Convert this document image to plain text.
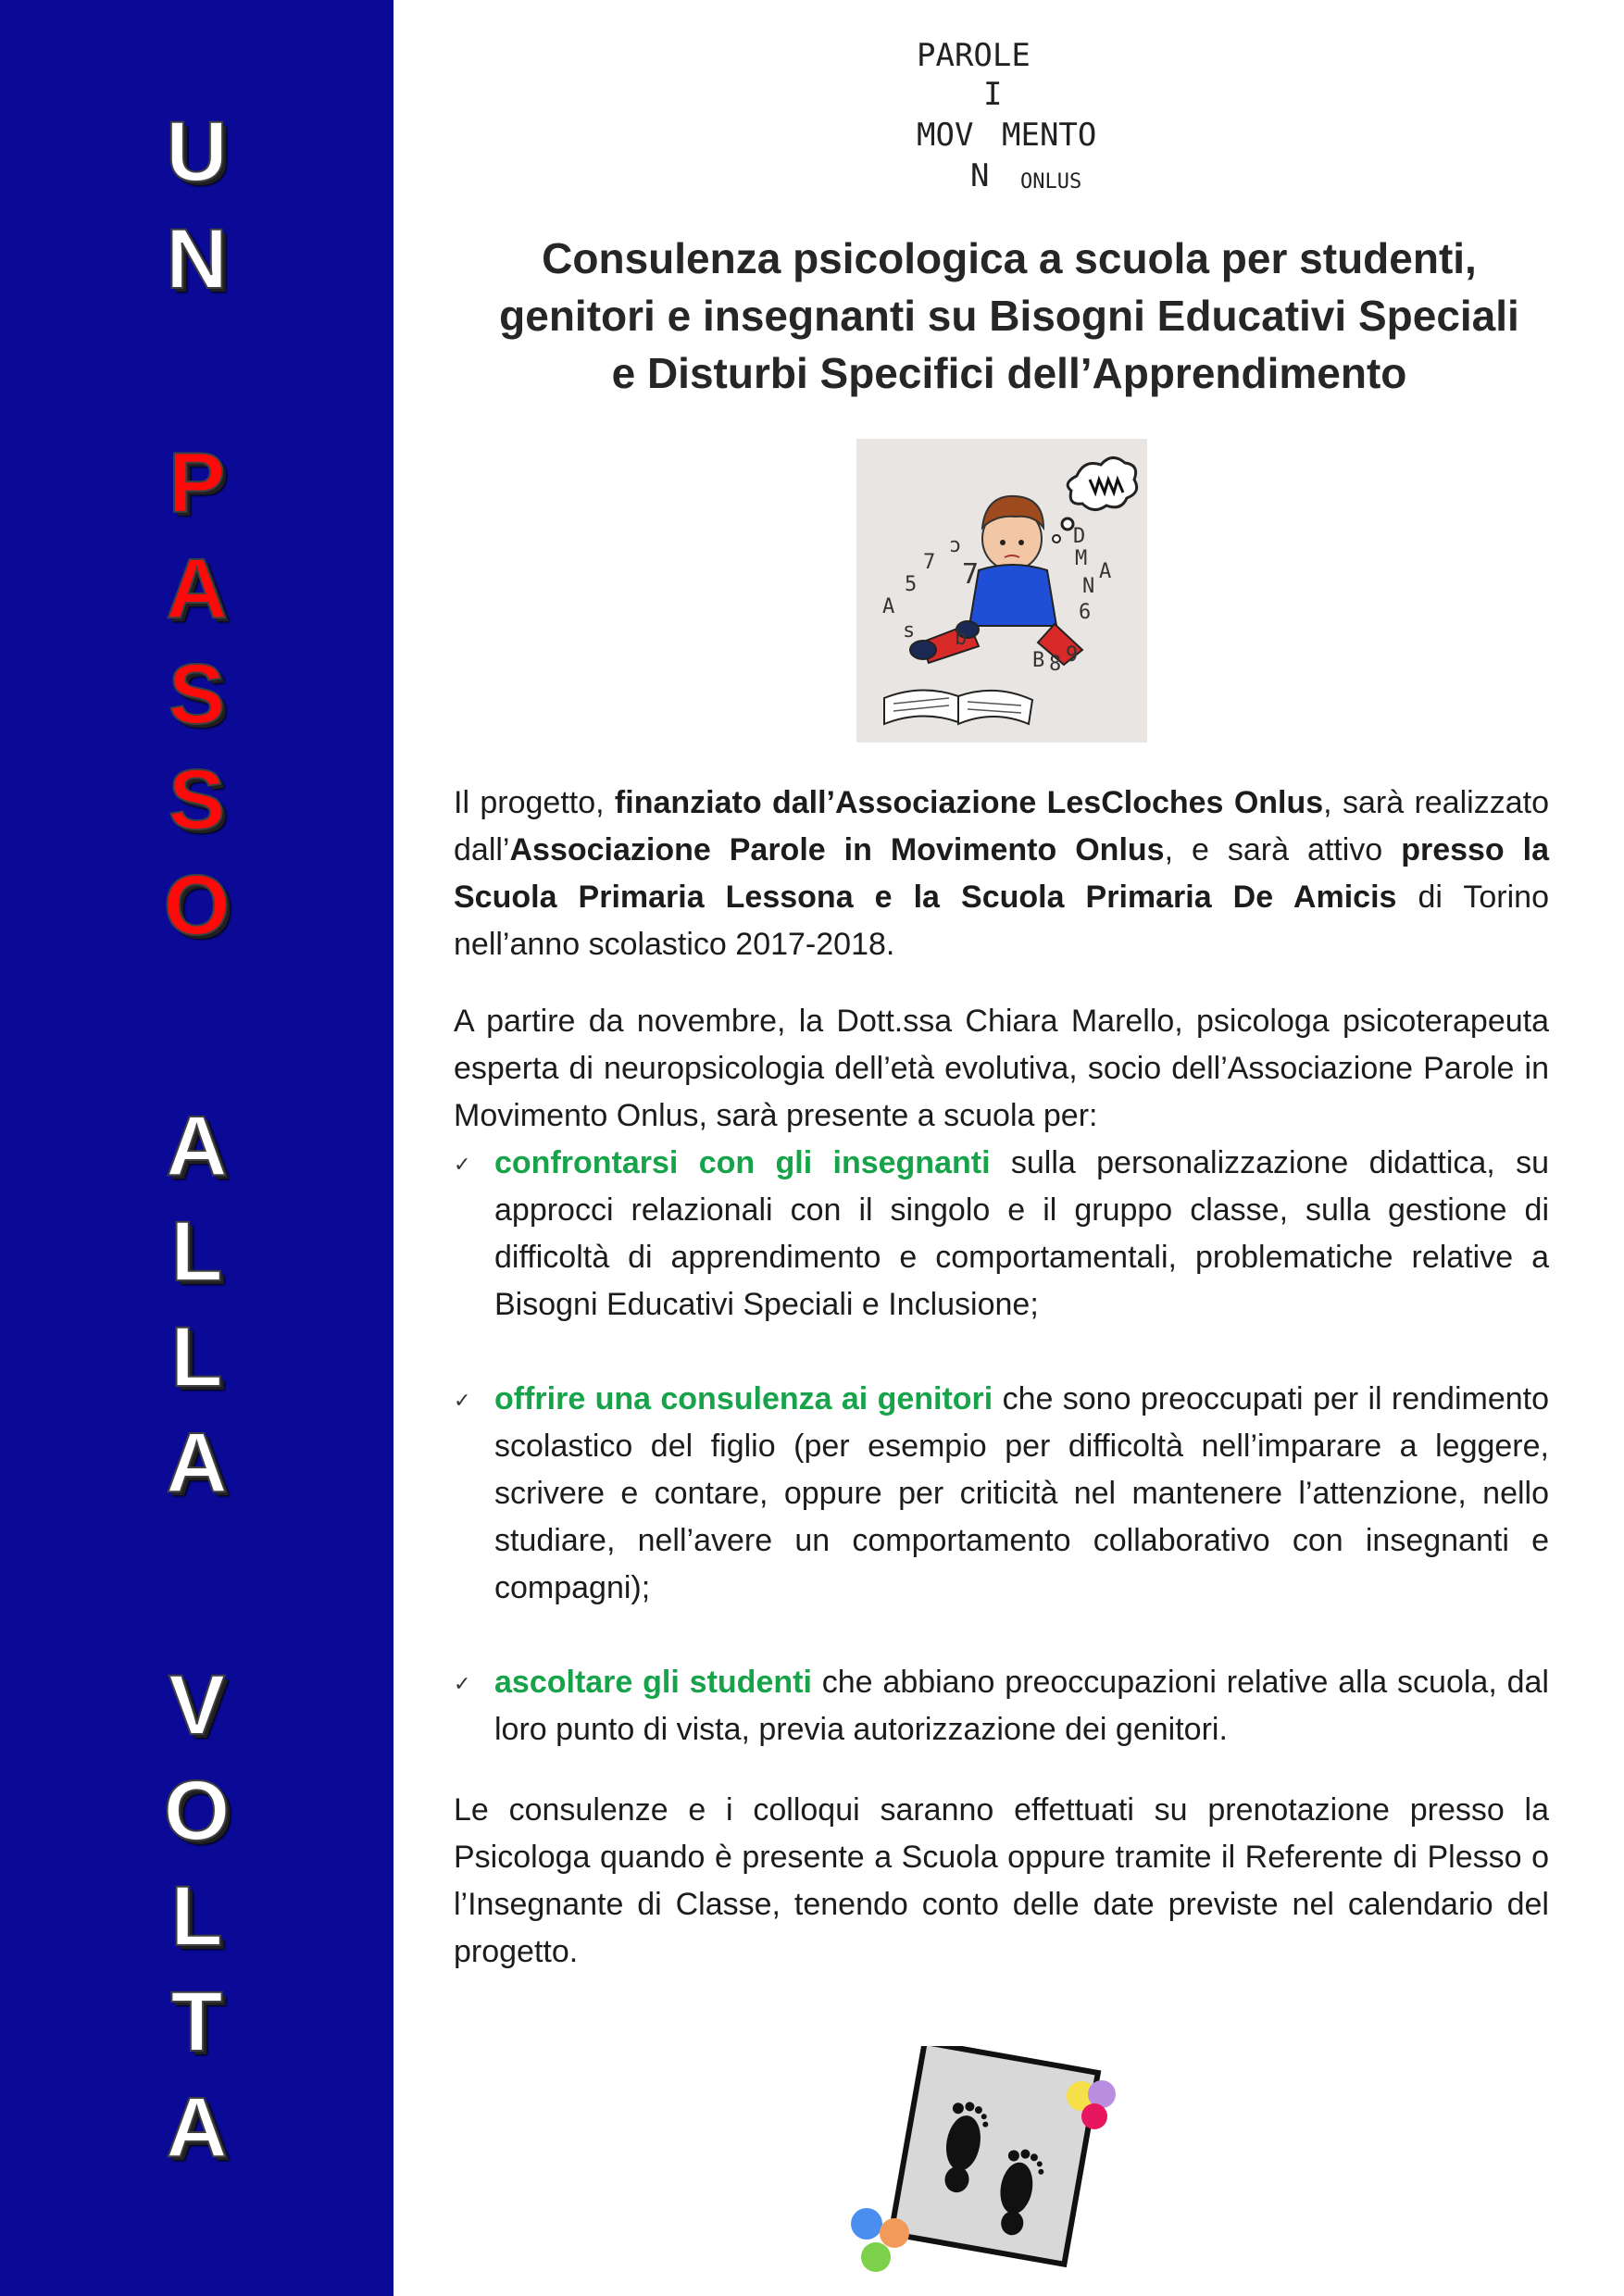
U
N
P
A
S
S
O
A
L
L
A
V
O
L
T
A
PAROLE
I
MOV MENTO
N ONLUS
Consulenza psicologica a scuola per studenti,
genitori e insegnanti su Bisogni Educativi Speciali
e Disturbi Specifici dell’Apprendimento
A
s
5
7
ɔ
7
b
D
M
N
6
B 8 9
A

Il progetto, finanziato dall’Associazione LesCloches Onlus, sarà realizzato dall’Associazione Parole in Movimento Onlus, e sarà attivo presso la Scuola Primaria Lessona e la Scuola Primaria De Amicis di Torino nell’anno scolastico 2017-2018.

A partire da novembre, la Dott.ssa Chiara Marello, psicologa psicoterapeuta esperta di neuropsicologia dell’età evolutiva, socio dell’Associazione Parole in Movimento Onlus, sarà presente a scuola per:

✓ confrontarsi con gli insegnanti sulla personalizzazione didattica, su approcci relazionali con il singolo e il gruppo classe, sulla gestione di difficoltà di apprendimento e comportamentali, problematiche relative a Bisogni Educativi Speciali e Inclusione;
✓ offrire una consulenza ai genitori che sono preoccupati per il rendimento scolastico del figlio (per esempio per difficoltà nell’imparare a leggere, scrivere e contare, oppure per criticità nel mantenere l’attenzione, nello studiare, nell’avere un comportamento collaborativo con insegnanti e compagni);
✓ ascoltare gli studenti che abbiano preoccupazioni relative alla scuola, dal loro punto di vista, previa autorizzazione dei genitori.

Le consulenze e i colloqui saranno effettuati su prenotazione presso la Psicologa quando è presente a Scuola oppure tramite il Referente di Plesso o l’Insegnante di Classe, tenendo conto delle date previste nel calendario del progetto.
